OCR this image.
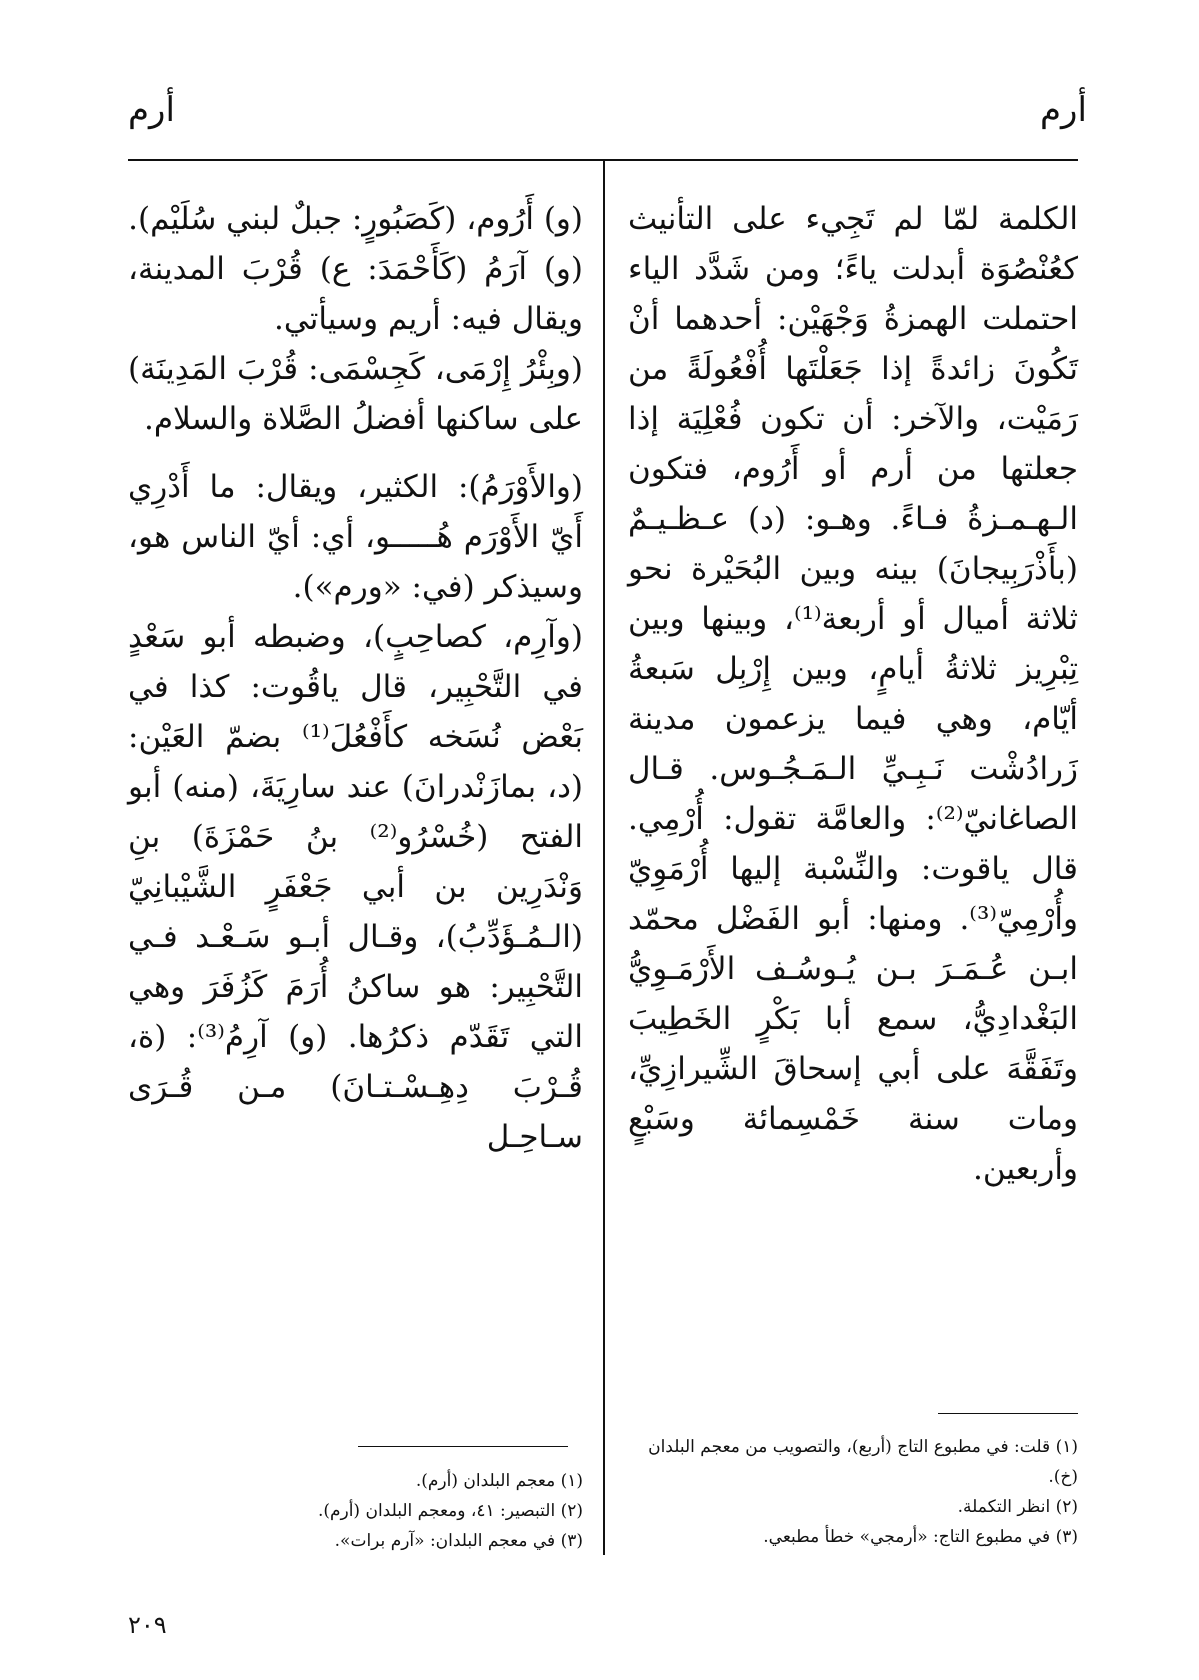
أرم
أرم

الكلمة لمّا لم تَجِيء على التأنيث كعُنْصُوَة أبدلت ياءً؛ ومن شَدَّد الياء احتملت الهمزةُ وَجْهَيْن: أحدهما أنْ تَكُونَ زائدةً إذا جَعَلْتَها أُفْعُولَةً من رَمَيْت، والآخر: أن تكون فُعْلِيَة إذا جعلتها من أرم أو أَرُوم، فتكون الـهـمـزةُ فـاءً. وهـو: (د) عـظـيـمٌ (بأَذْرَبِيجانَ) بينه وبين البُحَيْرة نحو ثلاثة أميال أو أربعة⁽¹⁾، وبينها وبين تِبْرِيز ثلاثةُ أيامٍ، وبين إِرْبِل سَبعةُ أيّام، وهي فيما يزعمون مدينة زَرادُشْت نَـبِـيِّ الـمَـجُـوس. قـال الصاغانيّ⁽²⁾: والعامَّة تقول: أُرْمِي. قال ياقوت: والنِّسْبة إليها أُرْمَوِيّ وأُرْمِيّ⁽³⁾. ومنها: أبو الفَضْل محمّد ابـن عُـمَـرَ بـن يُـوسُـف الأَرْمَـوِيُّ البَغْدادِيُّ، سمع أبا بَكْرٍ الخَطِيبَ وتَفَقَّهَ على أبي إسحاقَ الشِّيرازِيِّ، ومات سنة خَمْسِمائة وسَبْعٍ وأربعين.

(و) أَرُوم، (كَصَبُورٍ: جبلٌ لبني سُلَيْم).

(و) آرَمُ (كَأَحْمَدَ: ع) قُرْبَ المدينة، ويقال فيه: أريم وسيأتي.

(وبِئْرُ إِرْمَى، كَجِسْمَى: قُرْبَ المَدِينَة) على ساكنها أفضلُ الصَّلاة والسلام.

(والأَوْرَمُ): الكثير، ويقال: ما أَدْرِي أَيّ الأَوْرَم هُـــــو، أي: أيّ الناس هو، وسيذكر (في: «ورم»).

(وآرِم، كصاحِبٍ)، وضبطه أبو سَعْدٍ في التَّحْبِير، قال ياقُوت: كذا في بَعْض نُسَخه كأَفْعُلَ⁽¹⁾ بضمّ العَيْن: (د، بمازَنْدرانَ) عند سارِيَةَ، (منه) أبو الفتح (خُسْرُو⁽²⁾ بنُ حَمْزَةَ) بنِ وَنْدَرِين بن أبي جَعْفَرٍ الشَّيْبانِيّ (الـمُـؤَدِّبُ)، وقـال أبـو سَـعْـد فـي التَّحْبِير: هو ساكنُ أُرَمَ كَزُفَرَ وهي التي تَقَدّم ذكرُها. (و) آرِمُ⁽³⁾: (ة، قُـرْبَ دِهِـسْـتـانَ) مـن قُـرَى سـاحِـل

(١) قلت: في مطبوع التاج (أربع)، والتصويب من معجم البلدان (خ).
(٢) انظر التكملة.
(٣) في مطبوع التاج: «أرمجي» خطأ مطبعي.
(١) معجم البلدان (أرم).
(٢) التبصير: ٤١، ومعجم البلدان (أرم).
(٣) في معجم البلدان: «آرم برات».
٢٠٩
